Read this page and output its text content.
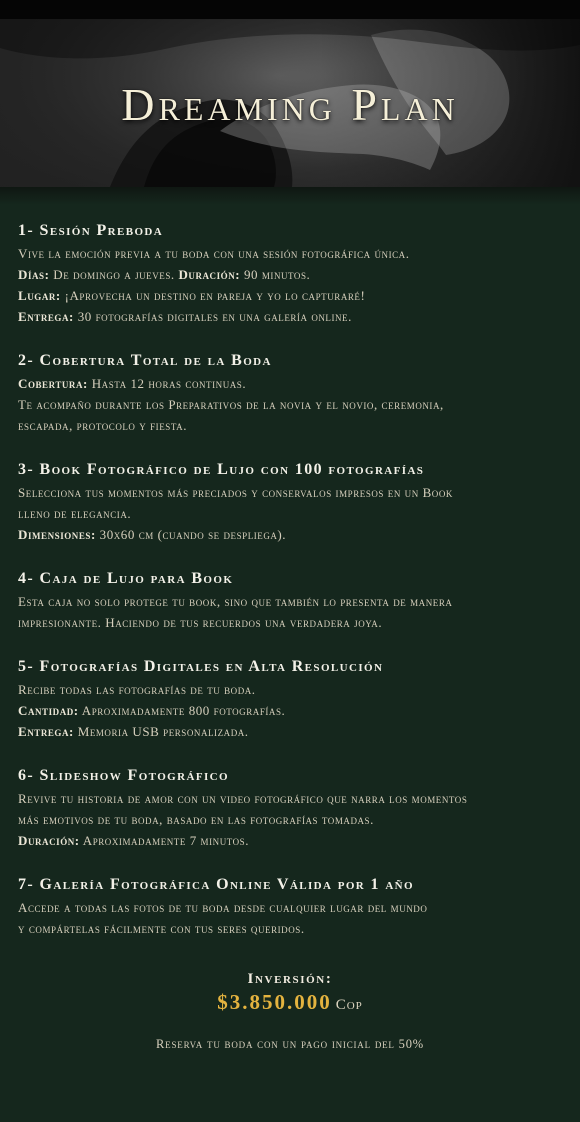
Dreaming Plan
1- Sesión Preboda
Vive la emoción previa a tu boda con una sesión fotográfica única.
Días: De domingo a jueves. Duración: 90 minutos.
Lugar: ¡Aprovecha un destino en pareja y yo lo capturaré!
Entrega: 30 fotografías digitales en una galería online.
2- Cobertura Total de la Boda
Cobertura: Hasta 12 horas continuas.
Te acompaño durante los Preparativos de la novia y el novio, ceremonia,
escapada, protocolo y fiesta.
3- Book Fotográfico de Lujo con 100 fotografías
Selecciona tus momentos más preciados y conservalos impresos en un Book
lleno de elegancia.
Dimensiones: 30x60 cm (cuando se despliega).
4- Caja de Lujo para Book
Esta caja no solo protege tu book, sino que también lo presenta de manera
impresionante. Haciendo de tus recuerdos una verdadera joya.
5- Fotografías Digitales en Alta Resolución
Recibe todas las fotografías de tu boda.
Cantidad: Aproximadamente 800 fotografías.
Entrega: Memoria USB personalizada.
6- Slideshow Fotográfico
Revive tu historia de amor con un video fotográfico que narra los momentos
más emotivos de tu boda, basado en las fotografías tomadas.
Duración: Aproximadamente 7 minutos.
7- Galería Fotográfica Online Válida por 1 año
Accede a todas las fotos de tu boda desde cualquier lugar del mundo
y compártelas fácilmente con tus seres queridos.
Inversión:
$3.850.000 Cop
Reserva tu boda con un pago inicial del 50%
